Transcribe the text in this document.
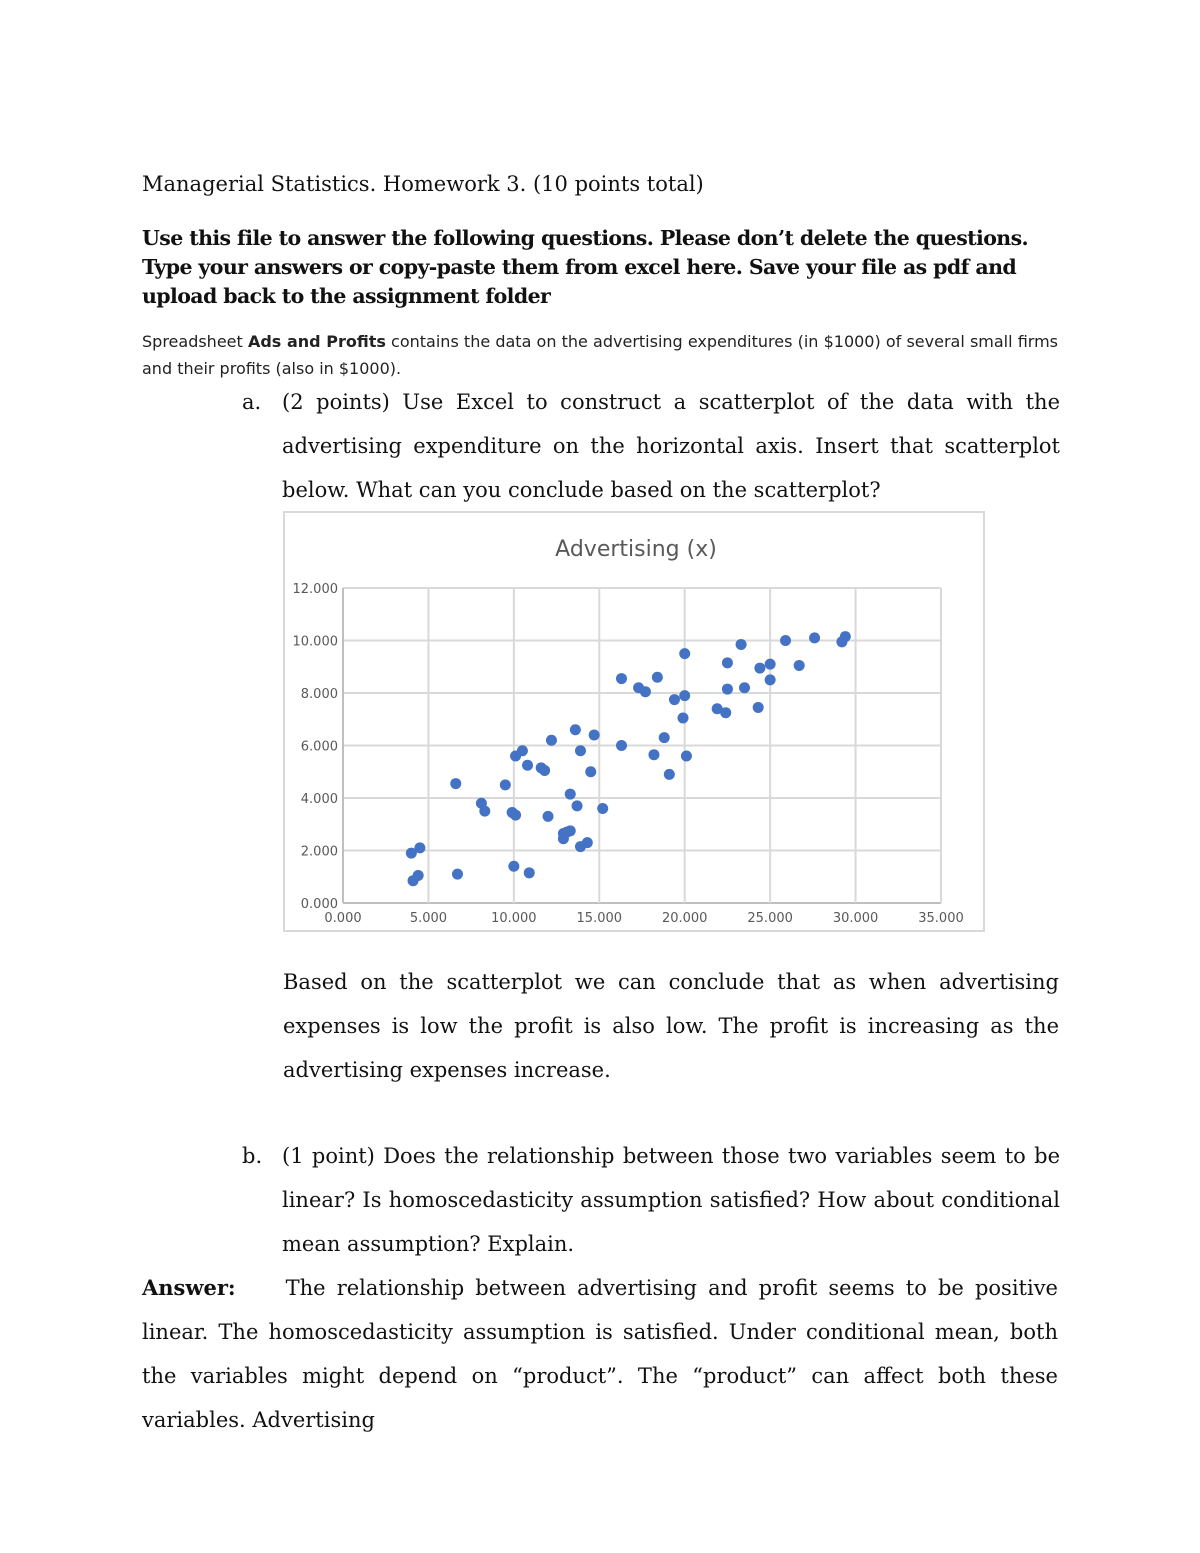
Managerial Statistics. Homework 3. (10 points total)
Use this file to answer the following questions. Please don’t delete the questions. Type your answers or copy-paste them from excel here. Save your file as pdf and upload back to the assignment folder
Spreadsheet Ads and Profits contains the data on the advertising expenditures (in $1000) of several small firms and their profits (also in $1000).
a. (2 points) Use Excel to construct a scatterplot of the data with the advertising expenditure on the horizontal axis. Insert that scatterplot below. What can you conclude based on the scatterplot?
Advertising (x)
0.000
2.000
4.000
6.000
8.000
10.000
12.000
0.000	5.000	10.000	15.000	20.000	25.000	30.000	35.000
Based on the scatterplot we can conclude that as when advertising expenses is low the profit is also low. The profit is increasing as the advertising expenses increase.
b. (1 point) Does the relationship between those two variables seem to be linear? Is homoscedasticity assumption satisfied? How about conditional mean assumption? Explain.
Answer: The relationship between advertising and profit seems to be positive linear. The homoscedasticity assumption is satisfied. Under conditional mean, both the variables might depend on “product”. The “product” can affect both these variables. Advertising
